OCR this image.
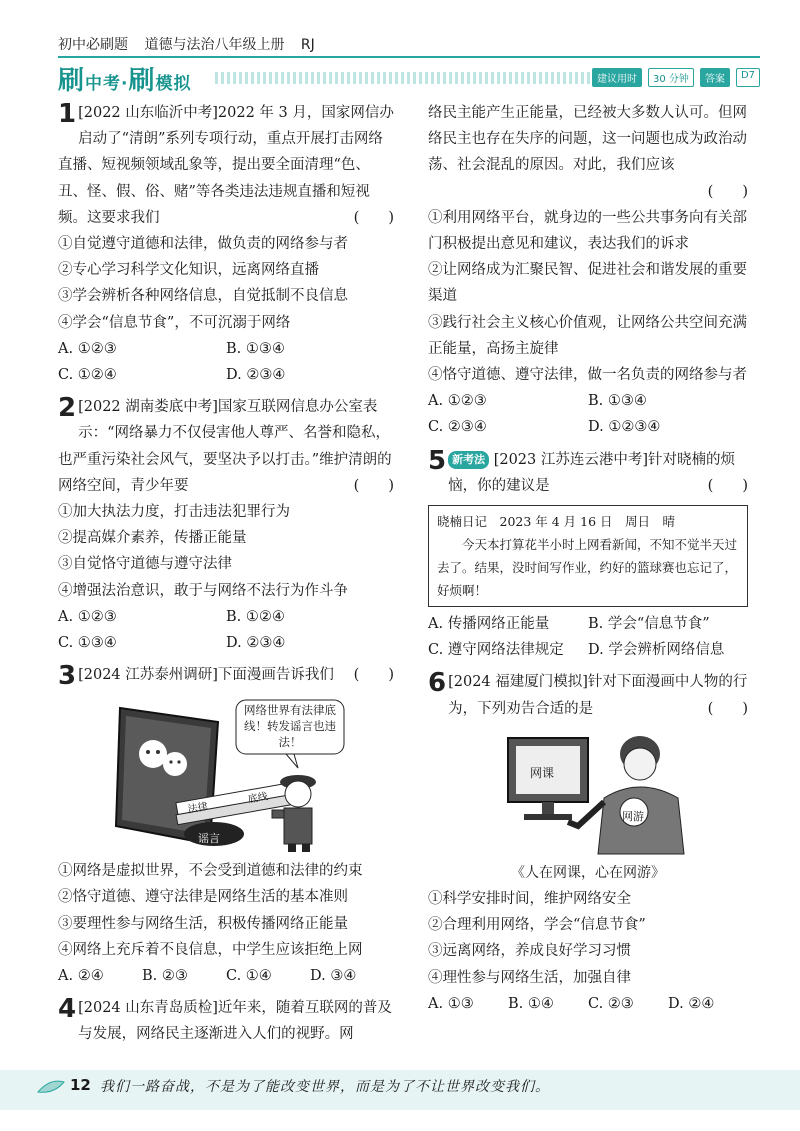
初中必刷题 道德与法治八年级上册 RJ
刷中考·刷模拟	建议用时	30 分钟	答案	D7
1 [2022 山东临沂中考]2022 年 3 月，国家网信办启动了“清朗”系列专项行动，重点开展打击网络直播、短视频领域乱象等，提出要全面清理“色、丑、怪、假、俗、赌”等各类违法违规直播和短视频。这要求我们	(　　)
①自觉遵守道德和法律，做负责的网络参与者
②专心学习科学文化知识，远离网络直播
③学会辨析各种网络信息，自觉抵制不良信息
④学会“信息节食”，不可沉溺于网络
A. ①②③	B. ①③④
C. ①②④	D. ②③④
2 [2022 湖南娄底中考]国家互联网信息办公室表示：“网络暴力不仅侵害他人尊严、名誉和隐私，也严重污染社会风气，要坚决予以打击。”维护清朗的网络空间，青少年要	(　　)
①加大执法力度，打击违法犯罪行为
②提高媒介素养，传播正能量
③自觉恪守道德与遵守法律
④增强法治意识，敢于与网络不法行为作斗争
A. ①②③	B. ①②④
C. ①③④	D. ②③④
3 [2024 江苏泰州调研]下面漫画告诉我们 (　　)
网络世界有法律底线！转发谣言也违法！
法律
底线
谣言
①网络是虚拟世界，不会受到道德和法律的约束
②恪守道德、遵守法律是网络生活的基本准则
③要理性参与网络生活，积极传播网络正能量
④网络上充斥着不良信息，中学生应该拒绝上网
A. ②④	B. ②③	C. ①④	D. ③④
4 [2024 山东青岛质检]近年来，随着互联网的普及与发展，网络民主逐渐进入人们的视野。网
络民主能产生正能量，已经被大多数人认可。但网络民主也存在失序的问题，这一问题也成为政治动荡、社会混乱的原因。对此，我们应该
(　　)
①利用网络平台，就身边的一些公共事务向有关部门积极提出意见和建议，表达我们的诉求
②让网络成为汇聚民智、促进社会和谐发展的重要渠道
③践行社会主义核心价值观，让网络公共空间充满正能量，高扬主旋律
④恪守道德、遵守法律，做一名负责的网络参与者
A. ①②③	B. ①③④
C. ②③④	D. ①②③④
5 新考法 [2023 江苏连云港中考]针对晓楠的烦恼，你的建议是	(　　)
晓楠日记　2023 年 4 月 16 日　周日　晴
今天本打算花半小时上网看新闻，不知不觉半天过去了。结果，没时间写作业，约好的篮球赛也忘记了，好烦啊！
A. 传播网络正能量	B. 学会“信息节食”
C. 遵守网络法律规定	D. 学会辨析网络信息
6 [2024 福建厦门模拟]针对下面漫画中人物的行为，下列劝告合适的是	(　　)
网课
网游
《人在网课，心在网游》
①科学安排时间，维护网络安全
②合理利用网络，学会“信息节食”
③远离网络，养成良好学习习惯
④理性参与网络生活，加强自律
A. ①③	B. ①④	C. ②③	D. ②④
12 我们一路奋战，不是为了能改变世界，而是为了不让世界改变我们。
